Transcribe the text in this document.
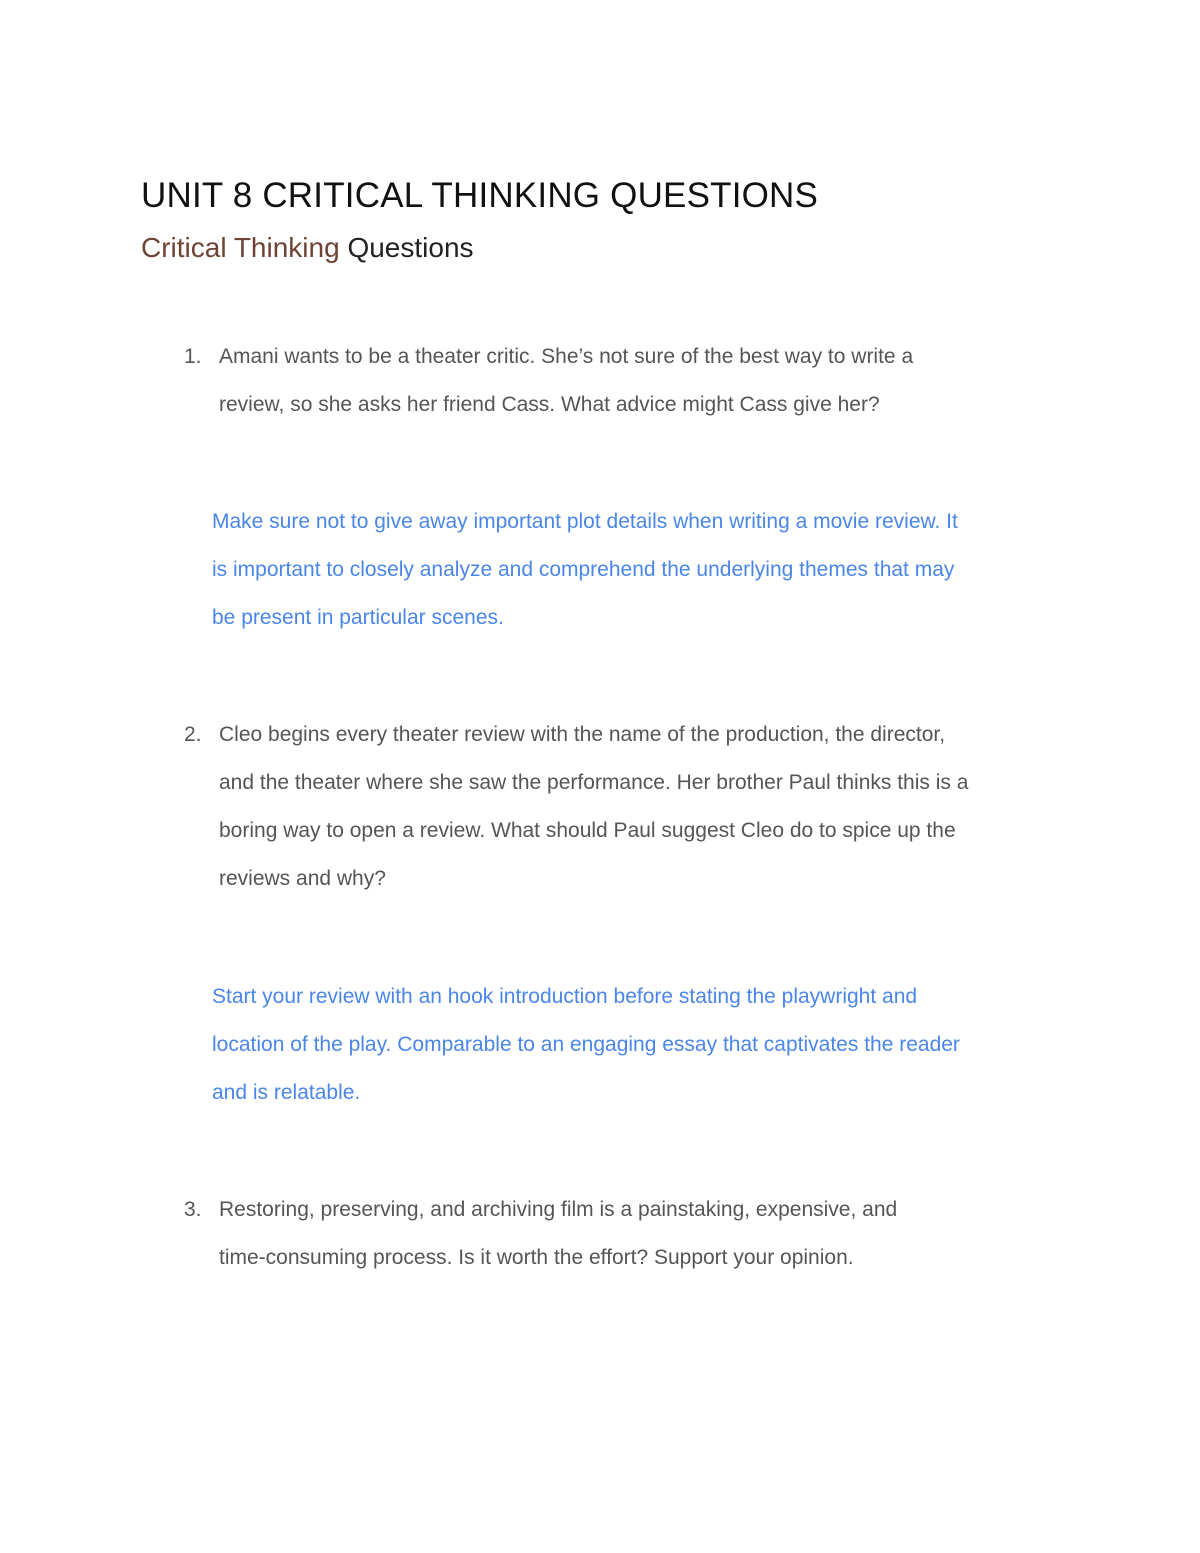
UNIT 8 CRITICAL THINKING QUESTIONS
Critical Thinking Questions
1. Amani wants to be a theater critic. She’s not sure of the best way to write a
review, so she asks her friend Cass. What advice might Cass give her?

Make sure not to give away important plot details when writing a movie review. It
is important to closely analyze and comprehend the underlying themes that may
be present in particular scenes.

2. Cleo begins every theater review with the name of the production, the director,
and the theater where she saw the performance. Her brother Paul thinks this is a
boring way to open a review. What should Paul suggest Cleo do to spice up the
reviews and why?

Start your review with an hook introduction before stating the playwright and
location of the play. Comparable to an engaging essay that captivates the reader
and is relatable.

3. Restoring, preserving, and archiving film is a painstaking, expensive, and
time-consuming process. Is it worth the effort? Support your opinion.
